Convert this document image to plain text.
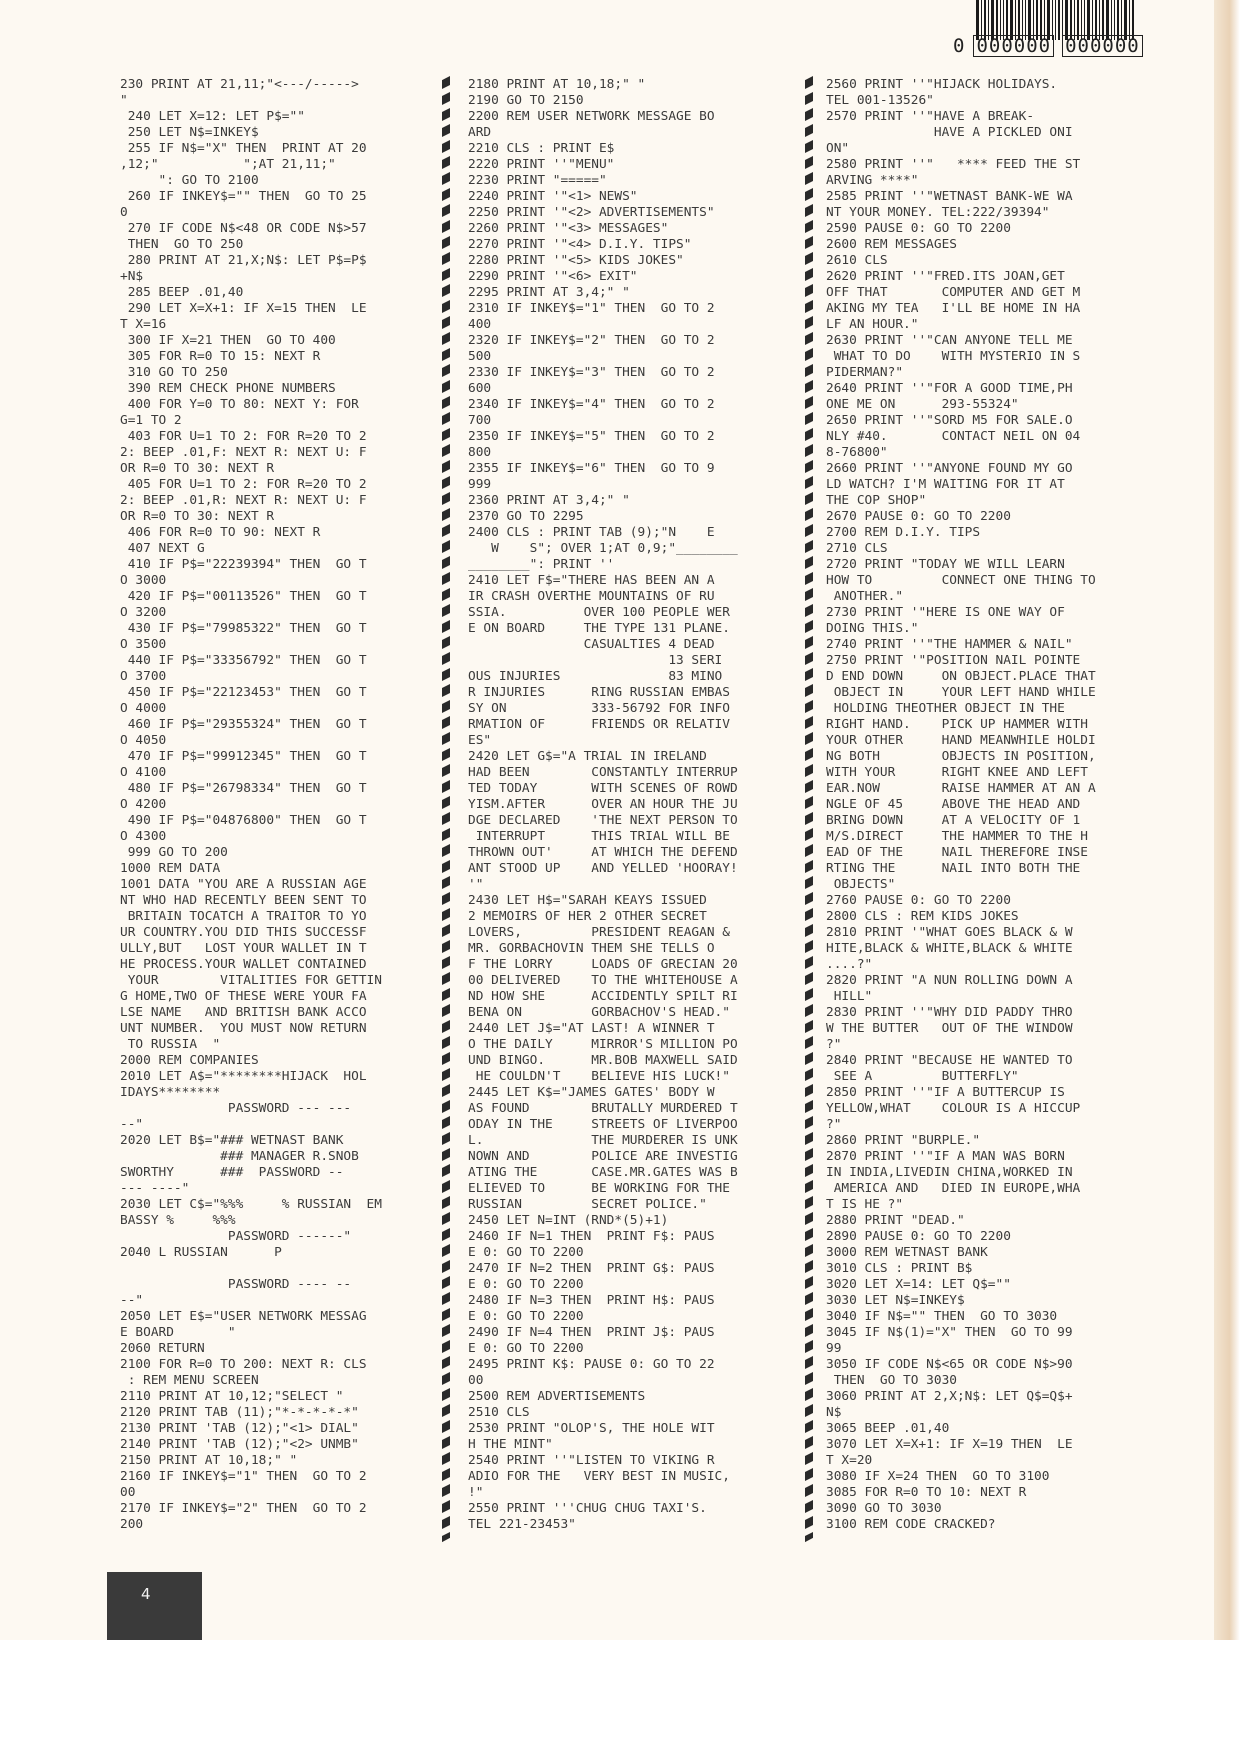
0 000000 000000
230 PRINT AT 21,11;"<---/----->
"
240 LET X=12: LET P$=""
250 LET N$=INKEY$
255 IF N$="X" THEN  PRINT AT 20
,12;"           ";AT 21,11;"
": GO TO 2100
260 IF INKEY$="" THEN  GO TO 25
0
270 IF CODE N$<48 OR CODE N$>57
THEN  GO TO 250
280 PRINT AT 21,X;N$: LET P$=P$
+N$
285 BEEP .01,40
290 LET X=X+1: IF X=15 THEN  LE
T X=16
300 IF X=21 THEN  GO TO 400
305 FOR R=0 TO 15: NEXT R
310 GO TO 250
390 REM CHECK PHONE NUMBERS
400 FOR Y=0 TO 80: NEXT Y: FOR
G=1 TO 2
403 FOR U=1 TO 2: FOR R=20 TO 2
2: BEEP .01,F: NEXT R: NEXT U: F
OR R=0 TO 30: NEXT R
405 FOR U=1 TO 2: FOR R=20 TO 2
2: BEEP .01,R: NEXT R: NEXT U: F
OR R=0 TO 30: NEXT R
406 FOR R=0 TO 90: NEXT R
407 NEXT G
410 IF P$="22239394" THEN  GO T
O 3000
420 IF P$="00113526" THEN  GO T
O 3200
430 IF P$="79985322" THEN  GO T
O 3500
440 IF P$="33356792" THEN  GO T
O 3700
450 IF P$="22123453" THEN  GO T
O 4000
460 IF P$="29355324" THEN  GO T
O 4050
470 IF P$="99912345" THEN  GO T
O 4100
480 IF P$="26798334" THEN  GO T
O 4200
490 IF P$="04876800" THEN  GO T
O 4300
999 GO TO 200
1000 REM DATA
1001 DATA "YOU ARE A RUSSIAN AGE
NT WHO HAD RECENTLY BEEN SENT TO
BRITAIN TOCATCH A TRAITOR TO YO
UR COUNTRY.YOU DID THIS SUCCESSF
ULLY,BUT   LOST YOUR WALLET IN T
HE PROCESS.YOUR WALLET CONTAINED
YOUR        VITALITIES FOR GETTIN
G HOME,TWO OF THESE WERE YOUR FA
LSE NAME   AND BRITISH BANK ACCO
UNT NUMBER.  YOU MUST NOW RETURN
TO RUSSIA  "
2000 REM COMPANIES
2010 LET A$="********HIJACK  HOL
IDAYS********
PASSWORD --- ---
--"
2020 LET B$="### WETNAST BANK
### MANAGER R.SNOB
SWORTHY      ###  PASSWORD --
--- ----"
2030 LET C$="%%%     % RUSSIAN  EM
BASSY %     %%%
PASSWORD ------"
2040 L RUSSIAN      P
PASSWORD ---- --
--"
2050 LET E$="USER NETWORK MESSAG
E BOARD       "
2060 RETURN
2100 FOR R=0 TO 200: NEXT R: CLS
: REM MENU SCREEN
2110 PRINT AT 10,12;"SELECT "
2120 PRINT TAB (11);"*-*-*-*-*"
2130 PRINT 'TAB (12);"<1> DIAL"
2140 PRINT 'TAB (12);"<2> UNMB"
2150 PRINT AT 10,18;" "
2160 IF INKEY$="1" THEN  GO TO 2
00
2170 IF INKEY$="2" THEN  GO TO 2
200
2180 PRINT AT 10,18;" "
2190 GO TO 2150
2200 REM USER NETWORK MESSAGE BO
ARD
2210 CLS : PRINT E$
2220 PRINT ''"MENU"
2230 PRINT "====="
2240 PRINT '"<1> NEWS"
2250 PRINT '"<2> ADVERTISEMENTS"
2260 PRINT '"<3> MESSAGES"
2270 PRINT '"<4> D.I.Y. TIPS"
2280 PRINT '"<5> KIDS JOKES"
2290 PRINT '"<6> EXIT"
2295 PRINT AT 3,4;" "
2310 IF INKEY$="1" THEN  GO TO 2
400
2320 IF INKEY$="2" THEN  GO TO 2
500
2330 IF INKEY$="3" THEN  GO TO 2
600
2340 IF INKEY$="4" THEN  GO TO 2
700
2350 IF INKEY$="5" THEN  GO TO 2
800
2355 IF INKEY$="6" THEN  GO TO 9
999
2360 PRINT AT 3,4;" "
2370 GO TO 2295
2400 CLS : PRINT TAB (9);"N    E
W    S"; OVER 1;AT 0,9;"________
________": PRINT ''
2410 LET F$="THERE HAS BEEN AN A
IR CRASH OVERTHE MOUNTAINS OF RU
SSIA.          OVER 100 PEOPLE WER
E ON BOARD     THE TYPE 131 PLANE.
CASUALTIES 4 DEAD
13 SERI
OUS INJURIES              83 MINO
R INJURIES      RING RUSSIAN EMBAS
SY ON           333-56792 FOR INFO
RMATION OF      FRIENDS OR RELATIV
ES"
2420 LET G$="A TRIAL IN IRELAND
HAD BEEN        CONSTANTLY INTERRUP
TED TODAY       WITH SCENES OF ROWD
YISM.AFTER      OVER AN HOUR THE JU
DGE DECLARED    'THE NEXT PERSON TO
INTERRUPT      THIS TRIAL WILL BE
THROWN OUT'     AT WHICH THE DEFEND
ANT STOOD UP    AND YELLED 'HOORAY!
'"
2430 LET H$="SARAH KEAYS ISSUED
2 MEMOIRS OF HER 2 OTHER SECRET
LOVERS,         PRESIDENT REAGAN &
MR. GORBACHOVIN THEM SHE TELLS O
F THE LORRY     LOADS OF GRECIAN 20
00 DELIVERED    TO THE WHITEHOUSE A
ND HOW SHE      ACCIDENTLY SPILT RI
BENA ON         GORBACHOV'S HEAD."
2440 LET J$="AT LAST! A WINNER T
O THE DAILY     MIRROR'S MILLION PO
UND BINGO.      MR.BOB MAXWELL SAID
HE COULDN'T    BELIEVE HIS LUCK!"
2445 LET K$="JAMES GATES' BODY W
AS FOUND        BRUTALLY MURDERED T
ODAY IN THE     STREETS OF LIVERPOO
L.              THE MURDERER IS UNK
NOWN AND        POLICE ARE INVESTIG
ATING THE       CASE.MR.GATES WAS B
ELIEVED TO      BE WORKING FOR THE
RUSSIAN         SECRET POLICE."
2450 LET N=INT (RND*(5)+1)
2460 IF N=1 THEN  PRINT F$: PAUS
E 0: GO TO 2200
2470 IF N=2 THEN  PRINT G$: PAUS
E 0: GO TO 2200
2480 IF N=3 THEN  PRINT H$: PAUS
E 0: GO TO 2200
2490 IF N=4 THEN  PRINT J$: PAUS
E 0: GO TO 2200
2495 PRINT K$: PAUSE 0: GO TO 22
00
2500 REM ADVERTISEMENTS
2510 CLS
2530 PRINT "OLOP'S, THE HOLE WIT
H THE MINT"
2540 PRINT ''"LISTEN TO VIKING R
ADIO FOR THE   VERY BEST IN MUSIC,
!"
2550 PRINT '''CHUG CHUG TAXI'S.
TEL 221-23453"
2560 PRINT ''"HIJACK HOLIDAYS.
TEL 001-13526"
2570 PRINT ''"HAVE A BREAK-
HAVE A PICKLED ONI
ON"
2580 PRINT ''"   **** FEED THE ST
ARVING ****"
2585 PRINT ''"WETNAST BANK-WE WA
NT YOUR MONEY. TEL:222/39394"
2590 PAUSE 0: GO TO 2200
2600 REM MESSAGES
2610 CLS
2620 PRINT ''"FRED.ITS JOAN,GET
OFF THAT       COMPUTER AND GET M
AKING MY TEA   I'LL BE HOME IN HA
LF AN HOUR."
2630 PRINT ''"CAN ANYONE TELL ME
WHAT TO DO    WITH MYSTERIO IN S
PIDERMAN?"
2640 PRINT ''"FOR A GOOD TIME,PH
ONE ME ON      293-55324"
2650 PRINT ''"SORD M5 FOR SALE.O
NLY #40.       CONTACT NEIL ON 04
8-76800"
2660 PRINT ''"ANYONE FOUND MY GO
LD WATCH? I'M WAITING FOR IT AT
THE COP SHOP"
2670 PAUSE 0: GO TO 2200
2700 REM D.I.Y. TIPS
2710 CLS
2720 PRINT "TODAY WE WILL LEARN
HOW TO         CONNECT ONE THING TO
ANOTHER."
2730 PRINT '"HERE IS ONE WAY OF
DOING THIS."
2740 PRINT ''"THE HAMMER & NAIL"
2750 PRINT '"POSITION NAIL POINTE
D END DOWN     ON OBJECT.PLACE THAT
OBJECT IN     YOUR LEFT HAND WHILE
HOLDING THEOTHER OBJECT IN THE
RIGHT HAND.    PICK UP HAMMER WITH
YOUR OTHER     HAND MEANWHILE HOLDI
NG BOTH        OBJECTS IN POSITION,
WITH YOUR      RIGHT KNEE AND LEFT
EAR.NOW        RAISE HAMMER AT AN A
NGLE OF 45     ABOVE THE HEAD AND
BRING DOWN     AT A VELOCITY OF 1
M/S.DIRECT     THE HAMMER TO THE H
EAD OF THE     NAIL THEREFORE INSE
RTING THE      NAIL INTO BOTH THE
OBJECTS"
2760 PAUSE 0: GO TO 2200
2800 CLS : REM KIDS JOKES
2810 PRINT '"WHAT GOES BLACK & W
HITE,BLACK & WHITE,BLACK & WHITE
....?"
2820 PRINT "A NUN ROLLING DOWN A
HILL"
2830 PRINT ''"WHY DID PADDY THRO
W THE BUTTER   OUT OF THE WINDOW
?"
2840 PRINT "BECAUSE HE WANTED TO
SEE A         BUTTERFLY"
2850 PRINT ''"IF A BUTTERCUP IS
YELLOW,WHAT    COLOUR IS A HICCUP
?"
2860 PRINT "BURPLE."
2870 PRINT ''"IF A MAN WAS BORN
IN INDIA,LIVEDIN CHINA,WORKED IN
AMERICA AND   DIED IN EUROPE,WHA
T IS HE ?"
2880 PRINT "DEAD."
2890 PAUSE 0: GO TO 2200
3000 REM WETNAST BANK
3010 CLS : PRINT B$
3020 LET X=14: LET Q$=""
3030 LET N$=INKEY$
3040 IF N$="" THEN  GO TO 3030
3045 IF N$(1)="X" THEN  GO TO 99
99
3050 IF CODE N$<65 OR CODE N$>90
THEN  GO TO 3030
3060 PRINT AT 2,X;N$: LET Q$=Q$+
N$
3065 BEEP .01,40
3070 LET X=X+1: IF X=19 THEN  LE
T X=20
3080 IF X=24 THEN  GO TO 3100
3085 FOR R=0 TO 10: NEXT R
3090 GO TO 3030
3100 REM CODE CRACKED?
4
